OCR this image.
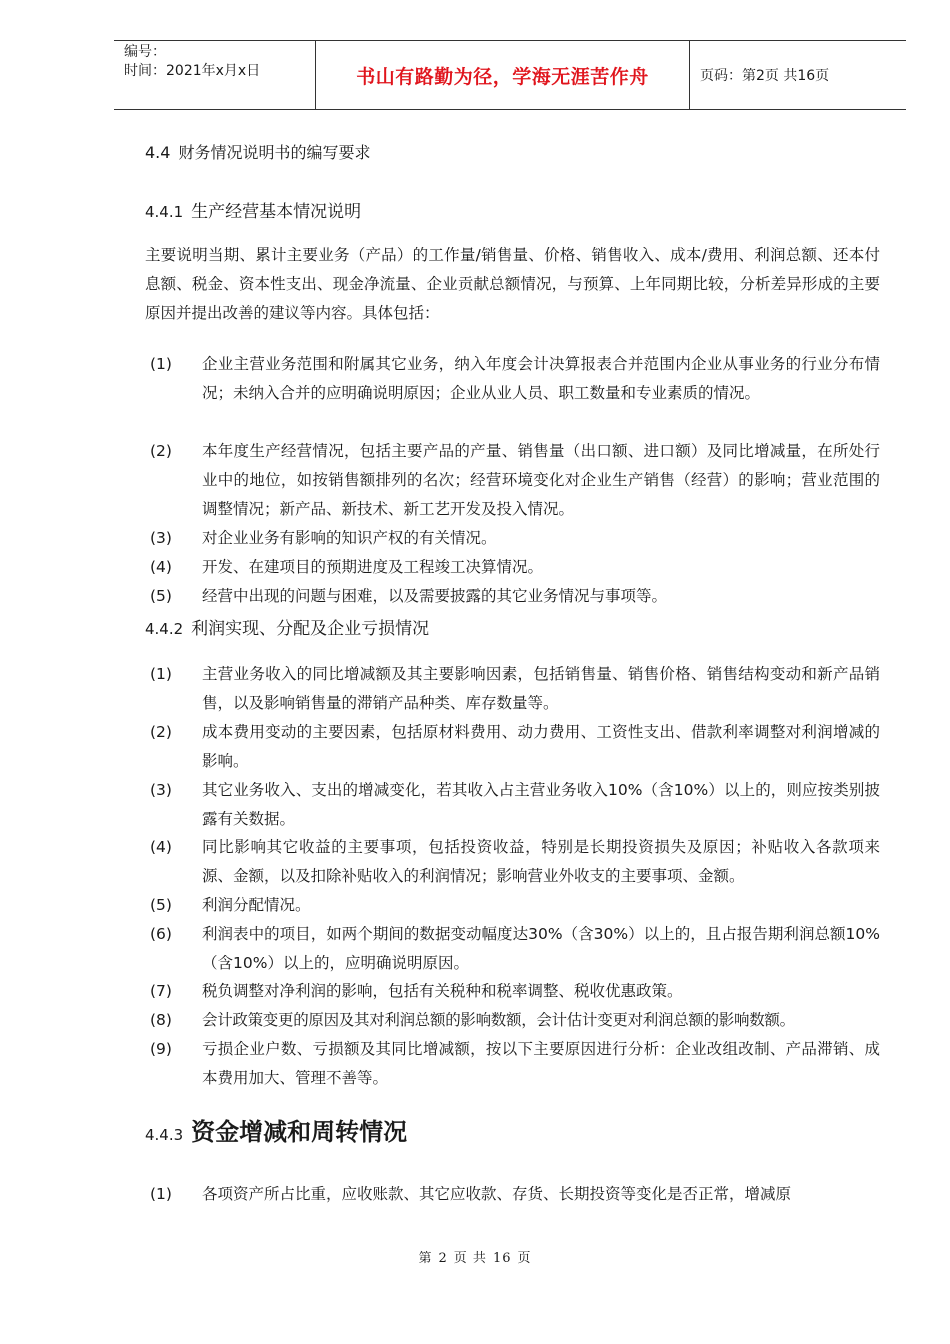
编号：
时间：2021年x月x日	书山有路勤为径，学海无涯苦作舟	页码：第2页 共16页
4.4 财务情况说明书的编写要求
4.4.1 生产经营基本情况说明
主要说明当期、累计主要业务（产品）的工作量/销售量、价格、销售收入、成本/费用、利润总额、还本付息额、税金、资本性支出、现金净流量、企业贡献总额情况，与预算、上年同期比较，分析差异形成的主要原因并提出改善的建议等内容。具体包括：
(1)	企业主营业务范围和附属其它业务，纳入年度会计决算报表合并范围内企业从事业务的行业分布情况；未纳入合并的应明确说明原因；企业从业人员、职工数量和专业素质的情况。
(2)	本年度生产经营情况，包括主要产品的产量、销售量（出口额、进口额）及同比增减量，在所处行业中的地位，如按销售额排列的名次；经营环境变化对企业生产销售（经营）的影响；营业范围的调整情况；新产品、新技术、新工艺开发及投入情况。
(3)	对企业业务有影响的知识产权的有关情况。
(4)	开发、在建项目的预期进度及工程竣工决算情况。
(5)	经营中出现的问题与困难，以及需要披露的其它业务情况与事项等。
4.4.2 利润实现、分配及企业亏损情况
(1)	主营业务收入的同比增减额及其主要影响因素，包括销售量、销售价格、销售结构变动和新产品销售，以及影响销售量的滞销产品种类、库存数量等。
(2)	成本费用变动的主要因素，包括原材料费用、动力费用、工资性支出、借款利率调整对利润增减的影响。
(3)	其它业务收入、支出的增减变化，若其收入占主营业务收入10%（含10%）以上的，则应按类别披露有关数据。
(4)	同比影响其它收益的主要事项，包括投资收益，特别是长期投资损失及原因；补贴收入各款项来源、金额，以及扣除补贴收入的利润情况；影响营业外收支的主要事项、金额。
(5)	利润分配情况。
(6)	利润表中的项目，如两个期间的数据变动幅度达30%（含30%）以上的，且占报告期利润总额10%（含10%）以上的，应明确说明原因。
(7)	税负调整对净利润的影响，包括有关税种和税率调整、税收优惠政策。
(8)	会计政策变更的原因及其对利润总额的影响数额，会计估计变更对利润总额的影响数额。
(9)	亏损企业户数、亏损额及其同比增减额，按以下主要原因进行分析：企业改组改制、产品滞销、成本费用加大、管理不善等。
4.4.3 资金增减和周转情况
(1)	各项资产所占比重，应收账款、其它应收款、存货、长期投资等变化是否正常，增减原
第 2 页 共 16 页
